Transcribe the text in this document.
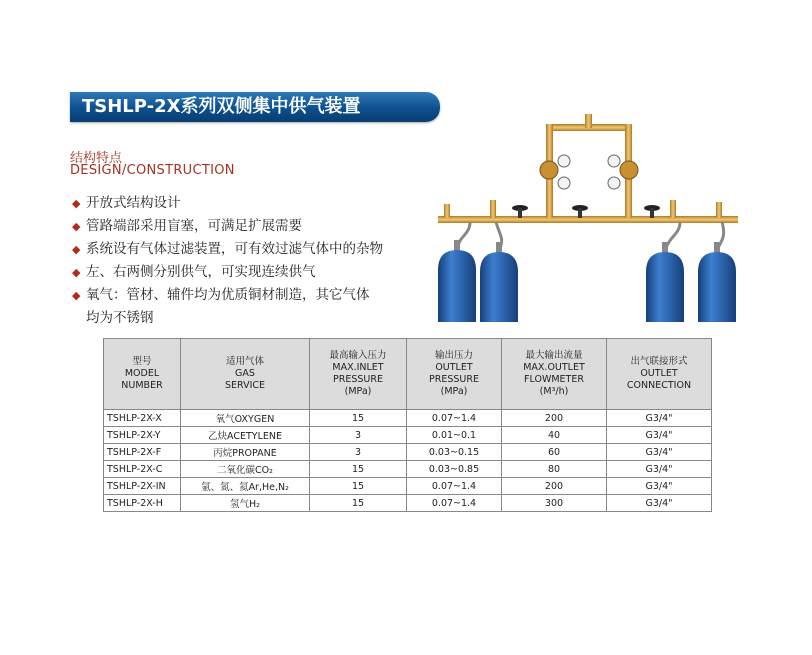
TSHLP-2X系列双侧集中供气装置
结构特点
DESIGN/CONSTRUCTION
◆ 开放式结构设计
◆ 管路端部采用盲塞，可满足扩展需要
◆ 系统设有气体过滤装置，可有效过滤气体中的杂物
◆ 左、右两侧分别供气，可实现连续供气
◆ 氧气：管材、辅件均为优质铜材制造，其它气体
均为不锈钢
型号
MODEL
NUMBER	适用气体
GAS
SERVICE	最高输入压力
MAX.INLET
PRESSURE
(MPa)	输出压力
OUTLET
PRESSURE
(MPa)	最大输出流量
MAX.OUTLET
FLOWMETER
(M³/h)	出气联接形式
OUTLET
CONNECTION

TSHLP-2X-X	氧气OXYGEN	15	0.07~1.4	200	G3/4"
TSHLP-2X-Y	乙炔ACETYLENE	3	0.01~0.1	40	G3/4"
TSHLP-2X-F	丙烷PROPANE	3	0.03~0.15	60	G3/4"
TSHLP-2X-C	二氧化碳CO₂	15	0.03~0.85	80	G3/4"
TSHLP-2X-IN	氩、氮、氦Ar,He,N₂	15	0.07~1.4	200	G3/4"
TSHLP-2X-H	氢气H₂	15	0.07~1.4	300	G3/4"
